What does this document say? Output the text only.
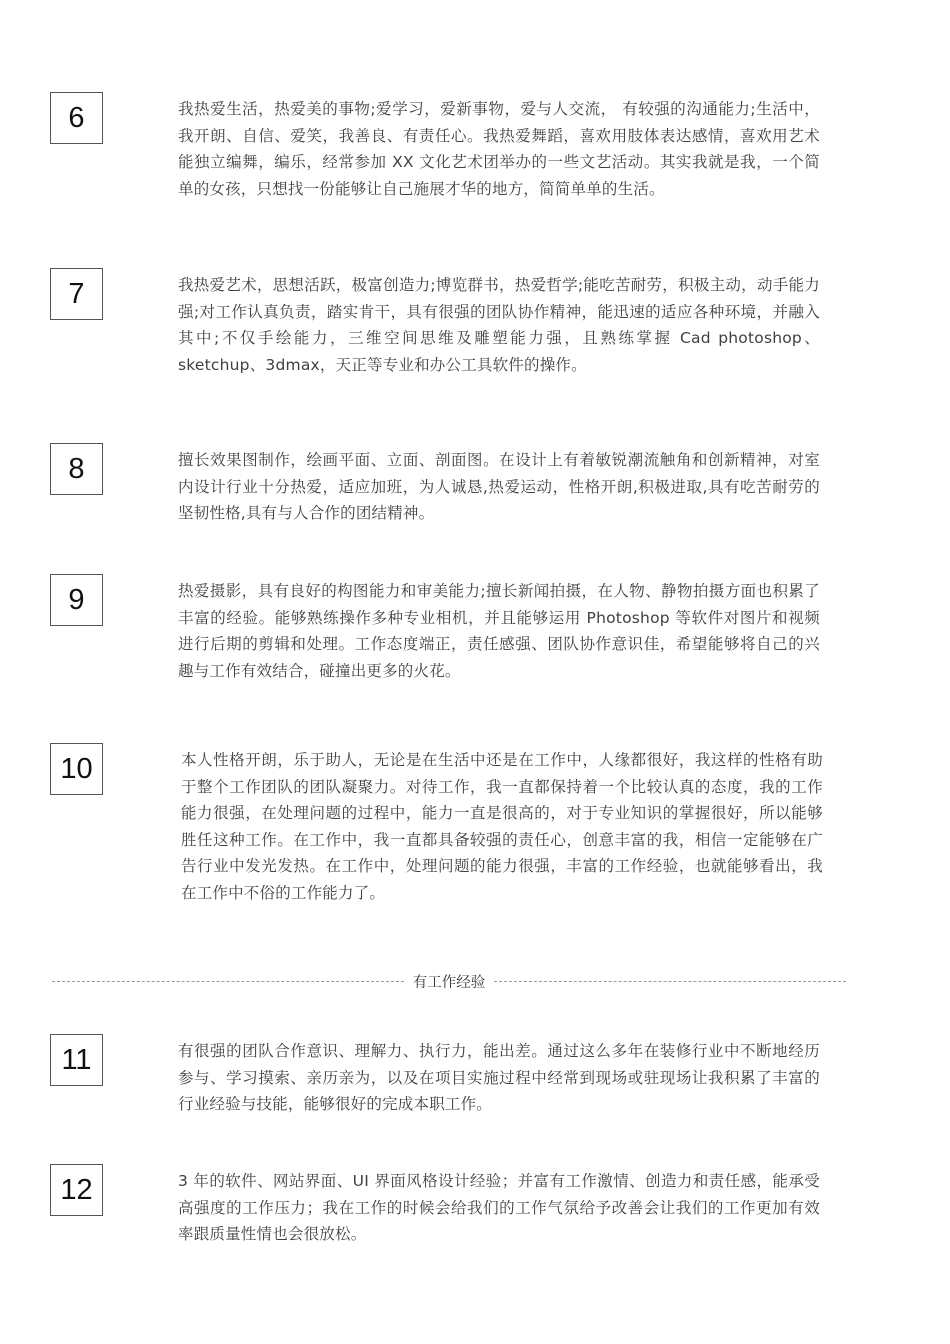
6	我热爱生活，热爱美的事物;爱学习，爱新事物，爱与人交流， 有较强的沟通能力;生活中，我开朗、自信、爱笑，我善良、有责任心。我热爱舞蹈，喜欢用肢体表达感情，喜欢用艺术能独立编舞，编乐，经常参加 XX 文化艺术团举办的一些文艺活动。其实我就是我，一个简单的女孩，只想找一份能够让自己施展才华的地方，简简单单的生活。

7	我热爱艺术，思想活跃，极富创造力;博览群书，热爱哲学;能吃苦耐劳，积极主动，动手能力强;对工作认真负责，踏实肯干，具有很强的团队协作精神，能迅速的适应各种环境，并融入其中;不仅手绘能力，三维空间思维及雕塑能力强，且熟练掌握 Cad photoshop、sketchup、3dmax，天正等专业和办公工具软件的操作。

8	擅长效果图制作，绘画平面、立面、剖面图。在设计上有着敏锐潮流触角和创新精神，对室内设计行业十分热爱，适应加班，为人诚恳,热爱运动，性格开朗,积极进取,具有吃苦耐劳的坚韧性格,具有与人合作的团结精神。

9	热爱摄影，具有良好的构图能力和审美能力;擅长新闻拍摄，在人物、静物拍摄方面也积累了丰富的经验。能够熟练操作多种专业相机，并且能够运用 Photoshop 等软件对图片和视频进行后期的剪辑和处理。工作态度端正，责任感强、团队协作意识佳，希望能够将自己的兴趣与工作有效结合，碰撞出更多的火花。

10	本人性格开朗，乐于助人，无论是在生活中还是在工作中，人缘都很好，我这样的性格有助于整个工作团队的团队凝聚力。对待工作，我一直都保持着一个比较认真的态度，我的工作能力很强，在处理问题的过程中，能力一直是很高的，对于专业知识的掌握很好，所以能够胜任这种工作。在工作中，我一直都具备较强的责任心，创意丰富的我，相信一定能够在广告行业中发光发热。在工作中，处理问题的能力很强，丰富的工作经验，也就能够看出，我在工作中不俗的工作能力了。

有工作经验
11	有很强的团队合作意识、理解力、执行力，能出差。通过这么多年在装修行业中不断地经历参与、学习摸索、亲历亲为，以及在项目实施过程中经常到现场或驻现场让我积累了丰富的行业经验与技能，能够很好的完成本职工作。

12	3 年的软件、网站界面、UI 界面风格设计经验；并富有工作激情、创造力和责任感，能承受高强度的工作压力；我在工作的时候会给我们的工作气氛给予改善会让我们的工作更加有效率跟质量性情也会很放松。
